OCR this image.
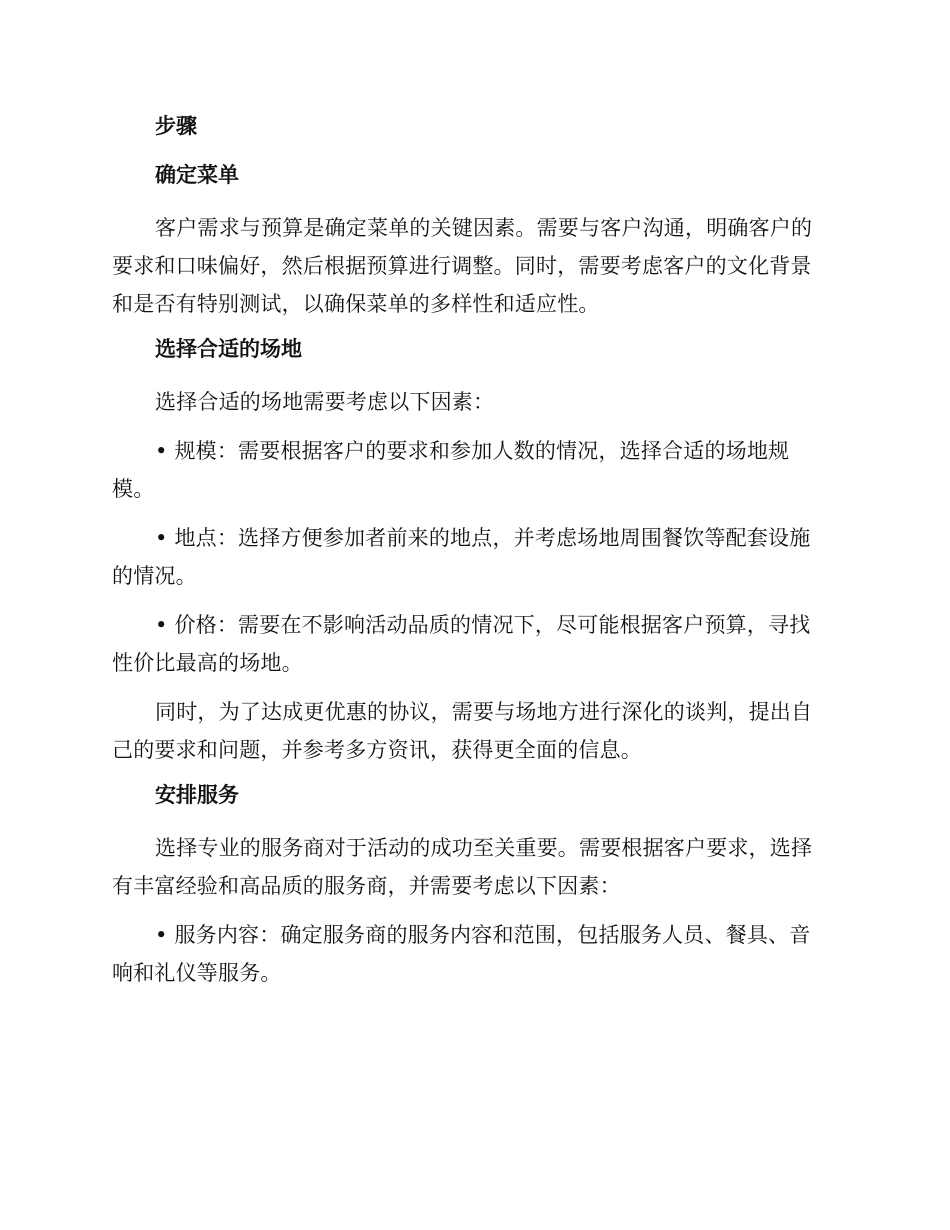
步骤
确定菜单

客户需求与预算是确定菜单的关键因素。需要与客户沟通，明确客户的要求和口味偏好，然后根据预算进行调整。同时，需要考虑客户的文化背景和是否有特别测试，以确保菜单的多样性和适应性。

选择合适的场地

选择合适的场地需要考虑以下因素：

• 规模：需要根据客户的要求和参加人数的情况，选择合适的场地规模。

• 地点：选择方便参加者前来的地点，并考虑场地周围餐饮等配套设施的情况。

• 价格：需要在不影响活动品质的情况下，尽可能根据客户预算，寻找性价比最高的场地。

同时，为了达成更优惠的协议，需要与场地方进行深化的谈判，提出自己的要求和问题，并参考多方资讯，获得更全面的信息。

安排服务

选择专业的服务商对于活动的成功至关重要。需要根据客户要求，选择有丰富经验和高品质的服务商，并需要考虑以下因素：

• 服务内容：确定服务商的服务内容和范围，包括服务人员、餐具、音响和礼仪等服务。
